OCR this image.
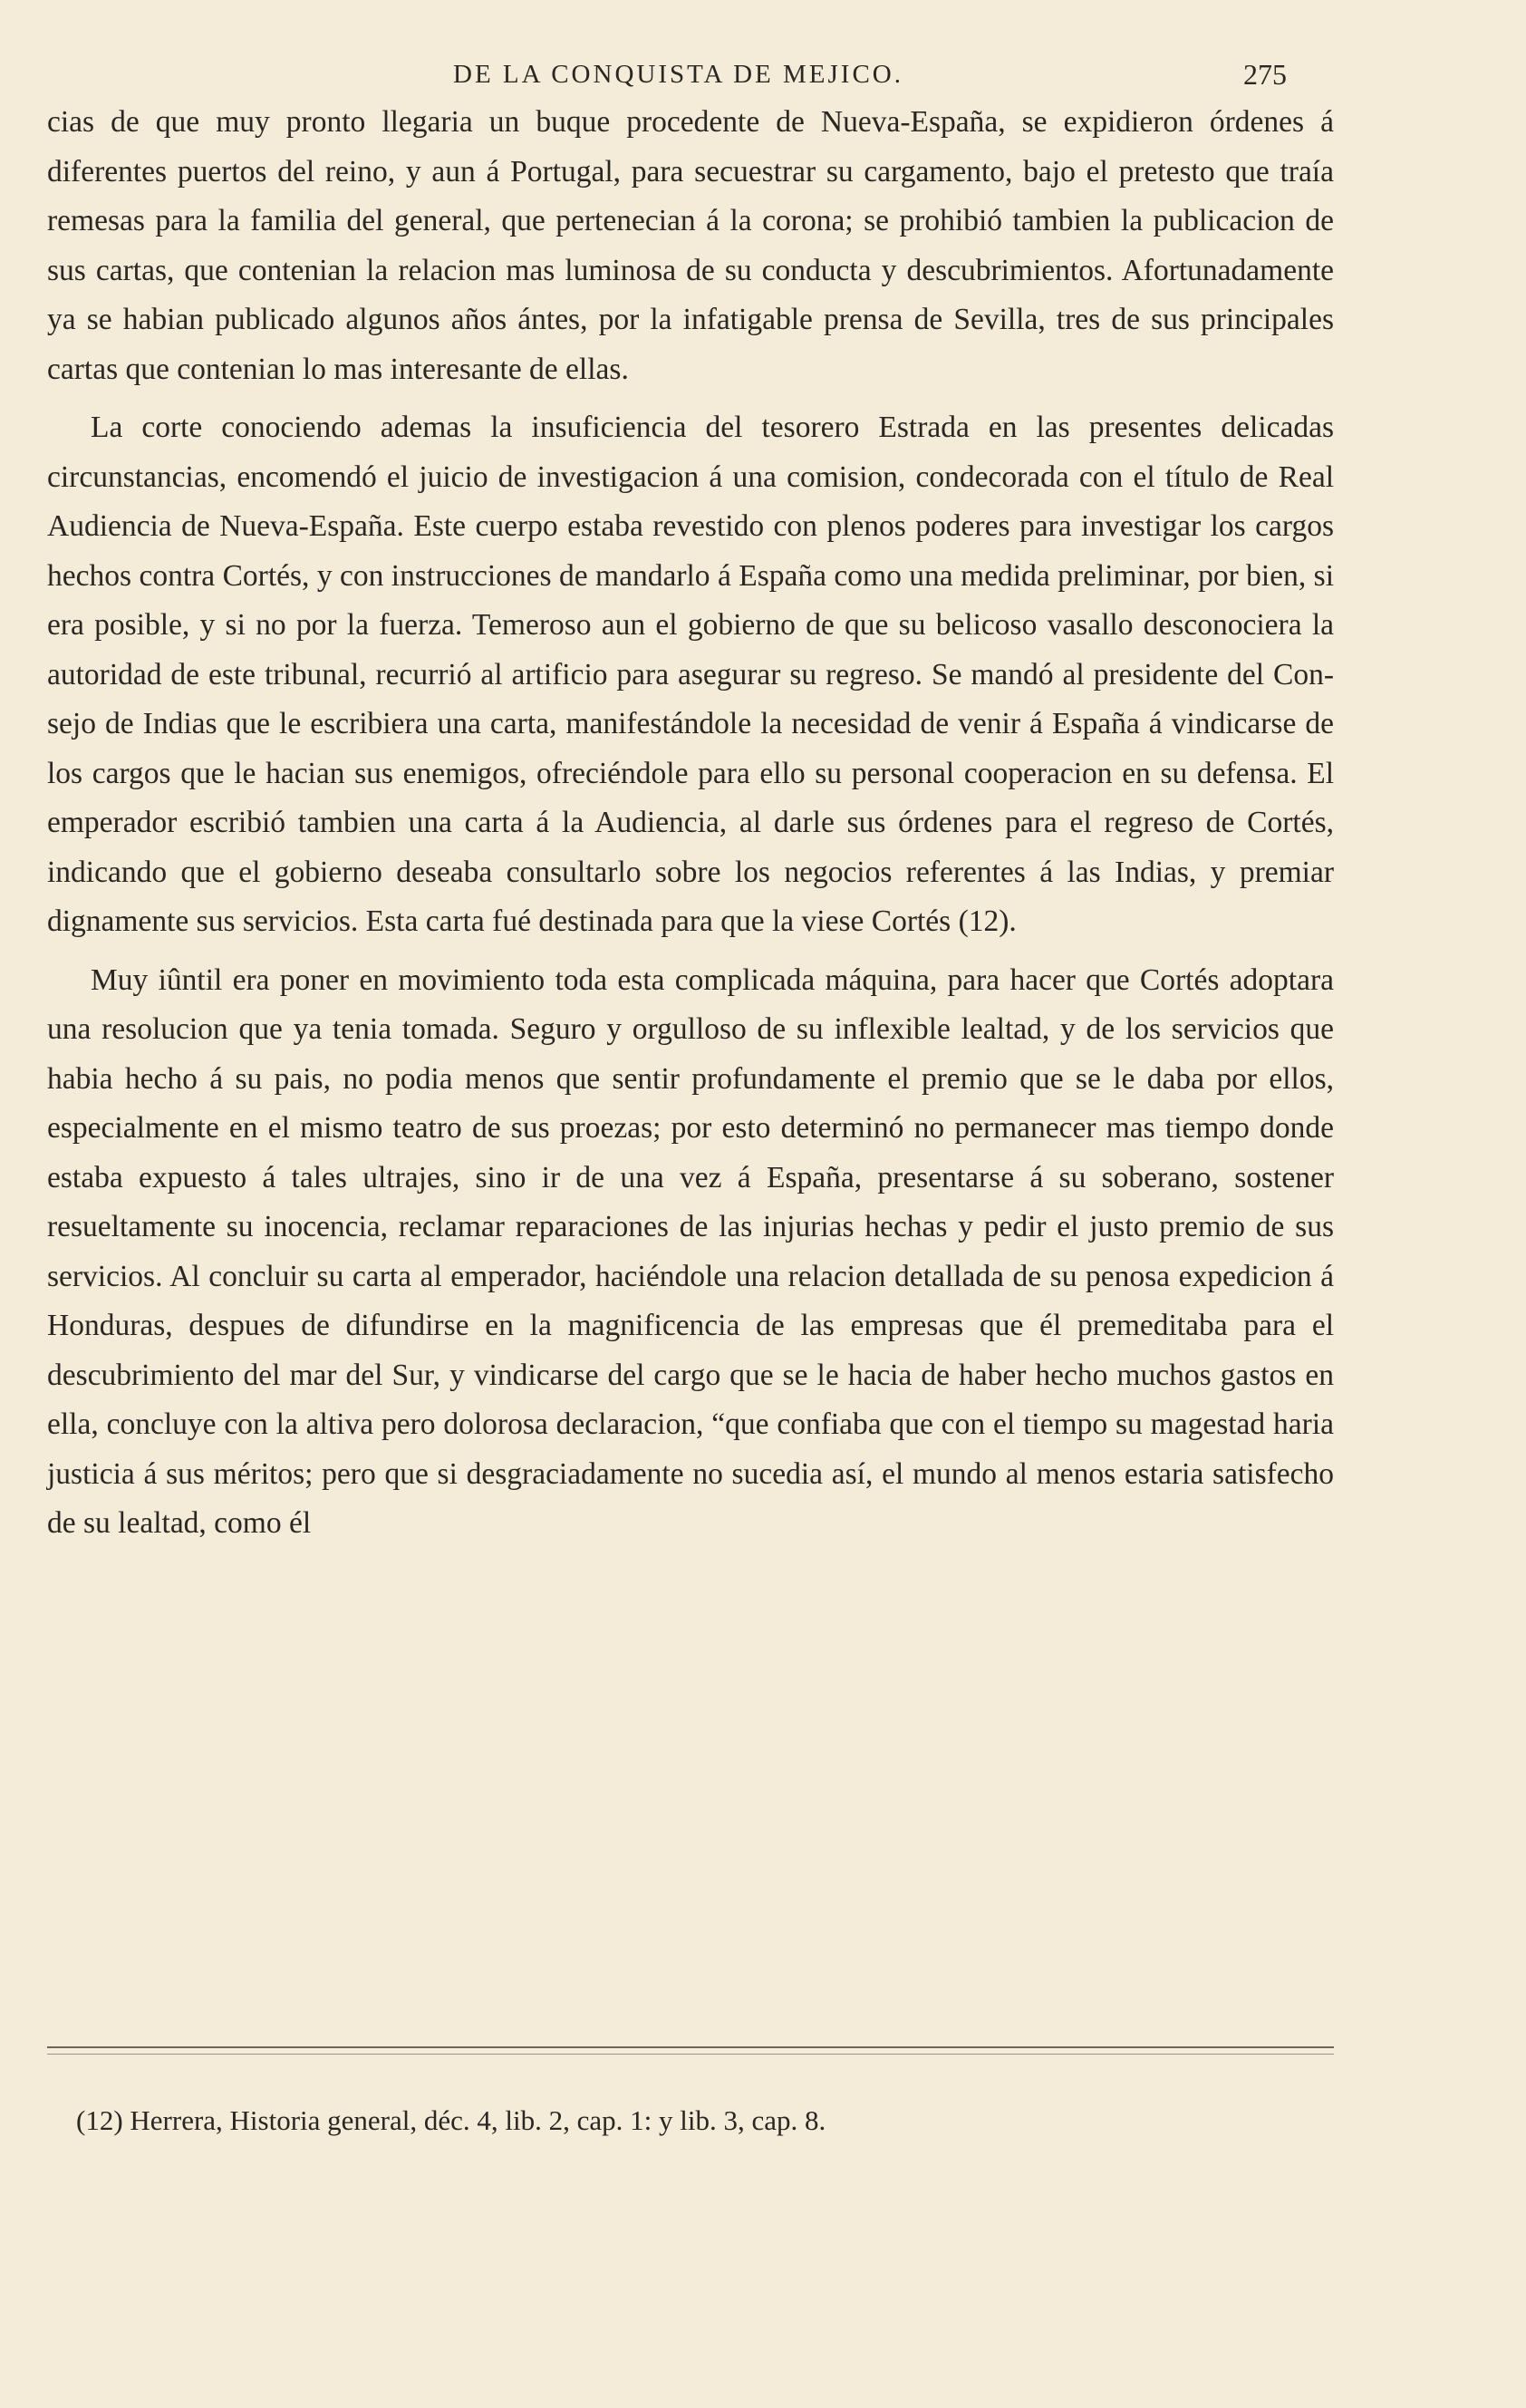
DE LA CONQUISTA DE MEJICO.	275

cias de que muy pronto llegaria un buque procedente de Nueva-España, se expidieron órdenes á diferentes puertos del reino, y aun á Portugal, para secuestrar su cargamento, bajo el pretesto que traía remesas para la familia del general, que pertenecian á la corona; se prohibió tambien la publicacion de sus cartas, que contenian la relacion mas luminosa de su conducta y descubrimientos. Afortunadamente ya se habian publicado algunos años ántes, por la infatigable prensa de Sevilla, tres de sus principales cartas que contenian lo mas interesante de ellas.

La corte conociendo ademas la insuficiencia del tesorero Estrada en las presentes delicadas circunstancias, encomendó el juicio de investigacion á una comision, condecorada con el título de Real Audiencia de Nueva-España. Este cuerpo estaba revestido con plenos poderes para investigar los cargos hechos contra Cortés, y con instrucciones de mandarlo á España como una medida preliminar, por bien, si era posible, y si no por la fuerza. Temeroso aun el gobierno de que su belicoso vasallo desconociera la autoridad de este tribunal, recurrió al artificio para asegurar su regreso. Se mandó al presidente del Consejo de Indias que le escribiera una carta, manifestándole la necesidad de venir á España á vindicarse de los cargos que le hacian sus enemigos, ofreciéndole para ello su personal cooperacion en su defensa. El emperador escribió tambien una carta á la Audiencia, al darle sus órdenes para el regreso de Cortés, indicando que el gobierno deseaba consultarlo sobre los negocios referentes á las Indias, y premiar dignamente sus servicios. Esta carta fué destinada para que la viese Cortés (12).

Muy iûntil era poner en movimiento toda esta complicada máquina, para hacer que Cortés adoptara una resolucion que ya tenia tomada. Seguro y orgulloso de su inflexible lealtad, y de los servicios que habia hecho á su pais, no podia menos que sentir profundamente el premio que se le daba por ellos, especialmente en el mismo teatro de sus proezas; por esto determinó no permanecer mas tiempo donde estaba expuesto á tales ultrajes, sino ir de una vez á España, presentarse á su soberano, sostener resueltamente su inocencia, reclamar reparaciones de las injurias hechas y pedir el justo premio de sus servicios. Al concluir su carta al emperador, haciéndole una relacion detallada de su penosa expedicion á Honduras, despues de difundirse en la magnificencia de las empresas que él premeditaba para el descubrimiento del mar del Sur, y vindicarse del cargo que se le hacia de haber hecho muchos gastos en ella, concluye con la altiva pero dolorosa declaracion, “que confiaba que con el tiempo su magestad haria justicia á sus méritos; pero que si desgraciadamente no sucedia así, el mundo al menos estaria satisfecho de su lealtad, como él

(12) Herrera, Historia general, déc. 4, lib. 2, cap. 1: y lib. 3, cap. 8.
